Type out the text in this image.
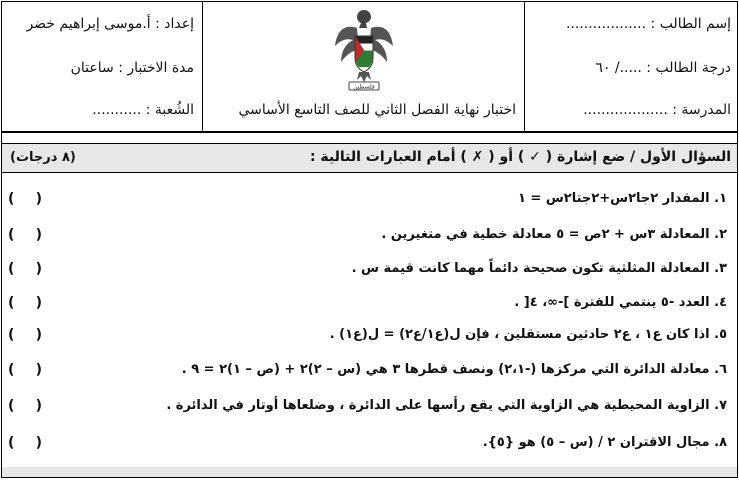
إسم الطالب : ..................
درجة الطالب : ...../ ٦٠
المدرسة : ...................
فلسطين
اختبار نهاية الفصل الثاني للصف التاسع الأساسي
إعداد : أ.موسى إبراهيم خضر
مدة الاختبار : ساعتان
الشُعبة : ...........
السؤال الأول / ضع إشارة ( ✓ ) أو ( ✗ ) أمام العبارات التالية :
(٨ درجات)
١. المقدار ٢جا٢س+٢جتا٢س = ١
( )
٢. المعادلة ٣س + ٢ص = ٥ معادلة خطية في متغيرين .
( )
٣. المعادلة المثلثية تكون صحيحة دائماً مهما كانت قيمة س .
( )
٤. العدد -٥ ينتمي للفترة ]-∞، ٤[ .
( )
٥. اذا كان ع١ ، ع٢ حادثين مستقلين ، فإن ل(ع١/ع٢) = ل(ع١) .
( )
٦. معادلة الدائرة التي مركزها (-٢،١) ونصف قطرها ٣ هي (س – ٢)٢ + (ص – ١)٢ = ٩ .
( )
٧. الزاوية المحيطية هي الزاوية التي يقع رأسها على الدائرة ، وضلعاها أوتار في الدائرة .
( )
٨. مجال الاقتران ٢ / (س – ٥) هو {٥}.
( )
